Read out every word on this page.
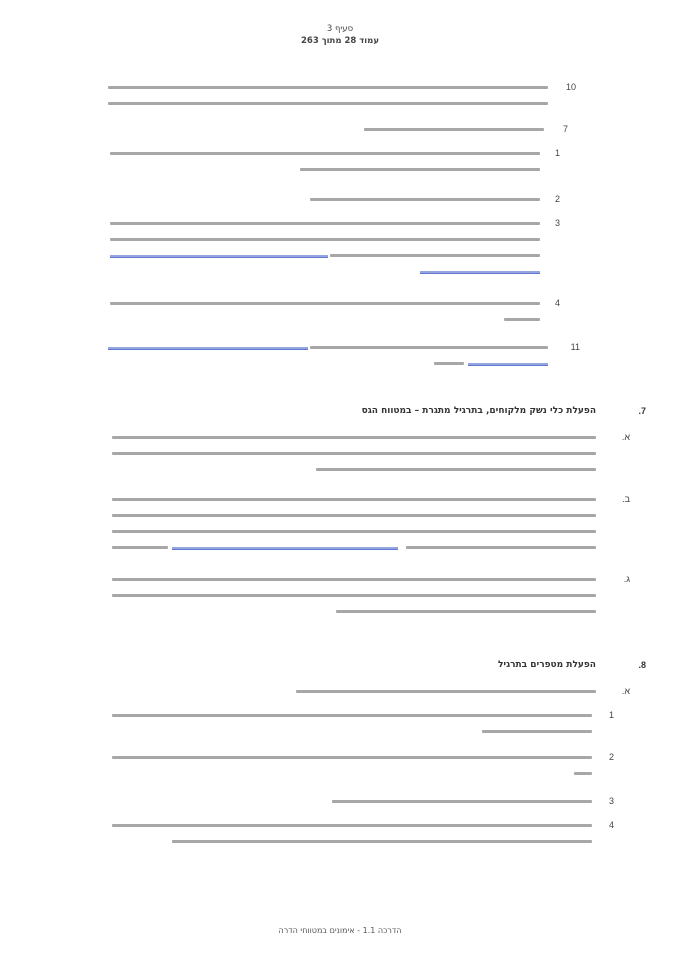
סעיף 3
עמוד 28 מתוך 263
10
7
1
2
3
4
11
7.
הפעלת כלי נשק מלקוחים, בתרגיל מתגרת – במטווח הגס
א.
ב.
ג.
8.
הפעלת מטפרים בתרגיל
א.
1
2
3
4
הדרכה 1.1 - אימונים במטווחי הדרה
